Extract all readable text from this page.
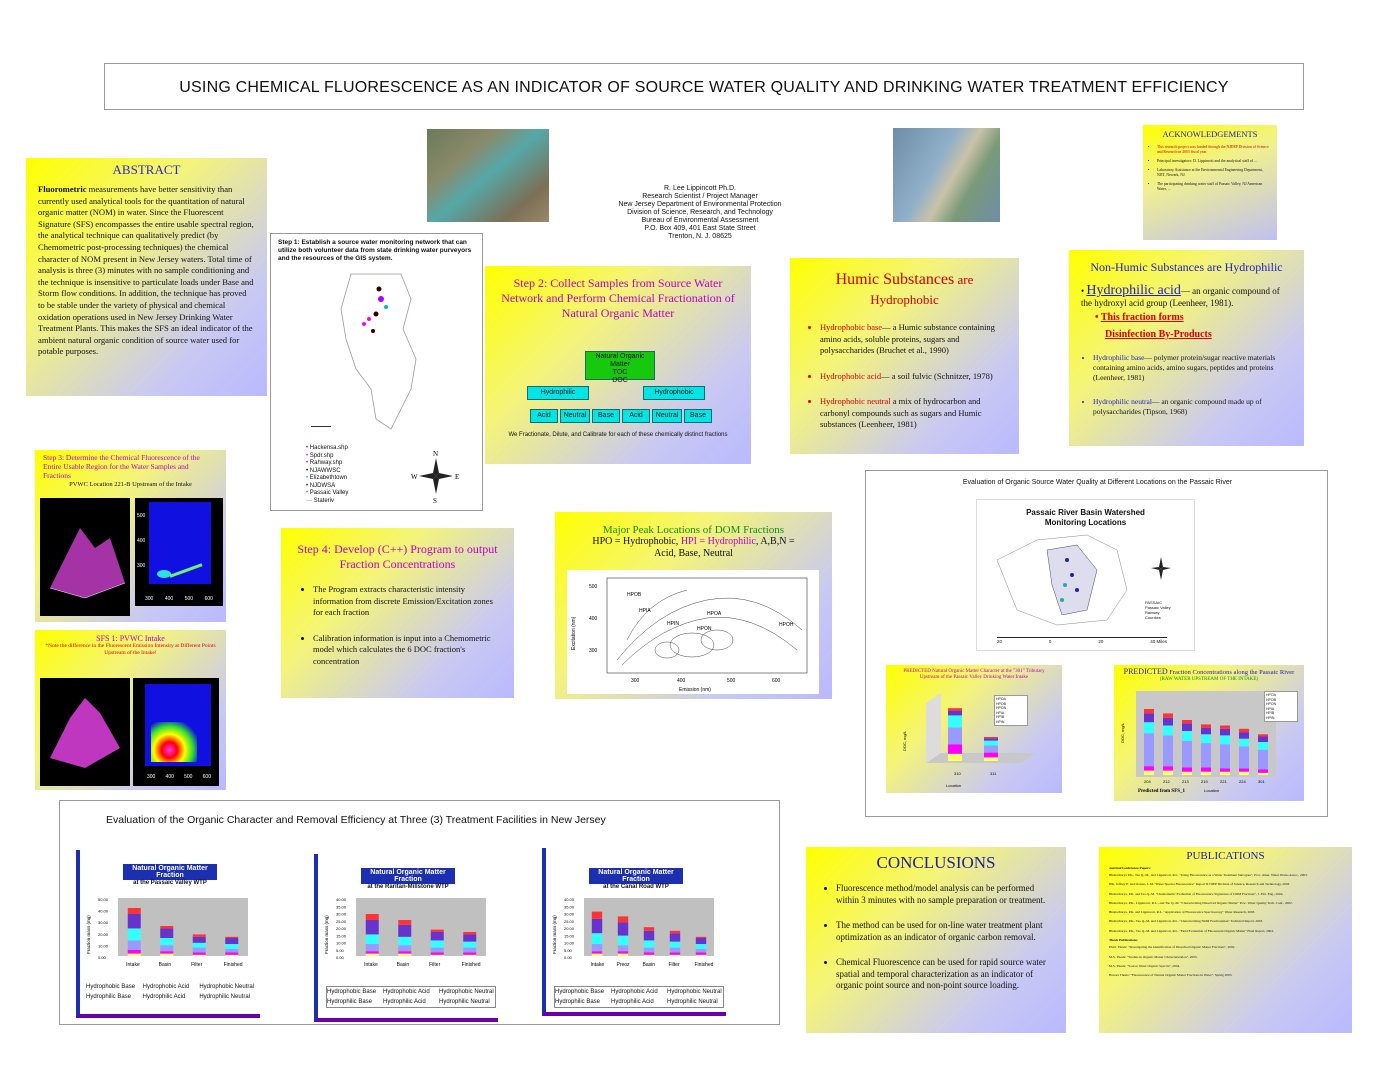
USING CHEMICAL FLUORESCENCE AS AN INDICATOR OF SOURCE WATER QUALITY AND DRINKING WATER TREATMENT EFFICIENCY
R. Lee Lippincott Ph.D.
Research Scientist / Project Manager
New Jersey Department of Environmental Protection
Division of Science, Research, and Technology
Bureau of Environmental Assessment
P.O. Box 409, 401 East State Street
Trenton, N. J. 08625
ABSTRACT
Fluorometric measurements have better sensitivity than currently used analytical tools for the quantitation of natural organic matter (NOM) in water. Since the Fluorescent Signature (SFS) encompasses the entire usable spectral region, the analytical technique can qualitatively predict (by Chemometric post-processing techniques) the chemical character of NOM present in New Jersey waters. Total time of analysis is three (3) minutes with no sample conditioning and the technique is insensitive to particulate loads under Base and Storm flow conditions. In addition, the technique has proved to be stable under the variety of physical and chemical oxidation operations used in New Jersey Drinking Water Treatment Plants. This makes the SFS an ideal indicator of the ambient natural organic condition of source water used for potable purposes.
Step 1: Establish a source water monitoring network that can utilize both volunteer data from state drinking water purveyors and the resources of the GIS system.
• Hackensa.shp
• Spdr.shp
• Rahway.shp
• NJAWWSC
• Elizabethtown
• NJDWSA
• Passaic Valley
— Stateriv
N
S
W	E
Step 2: Collect Samples from Source Water Network and Perform Chemical Fractionation of Natural Organic Matter
Natural Organic Matter
TOC
DOC
Hydrophilic	Hydrophobic
Acid	Neutral	Base	Acid	Neutral	Base
We Fractionate, Dilute, and Calibrate for each of these chemically distinct fractions
Humic Substances are
Hydrophobic
• Hydrophobic base— a Humic substance containing amino acids, soluble proteins, sugars and polysaccharides (Bruchet et al., 1990)
• Hydrophobic acid— a soil fulvic (Schnitzer, 1978)
• Hydrophobic neutral a mix of hydrocarbon and carbonyl compounds such as sugars and Humic substances (Leenheer, 1981)
Non-Humic Substances are Hydrophilic
• Hydrophilic acid— an organic compound of the hydroxyl acid group (Leenheer, 1981).
• This fraction forms
Disinfection By-Products
• Hydrophilic base— polymer protein/sugar reactive materials containing amino acids, amino sugars, peptides and proteins (Leenheer, 1981)
• Hydrophilic neutral— an organic compound made up of polysaccharides (Tipson, 1968)
ACKNOWLEDGEMENTS
• This research project was funded through the NJDEP Division of Science and Research in 2003 fiscal year.
• Principal investigators: D. Lippincott and the analytical staff of ...
• Laboratory Assistance at the Environmental Engineering Department, NJIT, Newark, NJ.
• The participating drinking water staff of Passaic Valley, NJ American Water, ...
Step 3: Determine the Chemical Fluorescence of the Entire Usable Region for the Water Samples and Fractions
PVWC Location 221-B Upstream of the Intake
500
400
300
300 400 500 600
SFS 1: PVWC Intake
*Note the difference in the Fluorescent Emission Intensity at Different Points Upstream of the Intake!
300 400 500 600
Step 4: Develop (C++) Program to output Fraction Concentrations
• The Program extracts characteristic intensity information from discrete Emission/Excitation zones for each fraction
• Calibration information is input into a Chemometric model which calculates the 6 DOC fraction's concentration
Major Peak Locations of DOM Fractions
HPO = Hydrophobic, HPI = Hydrophilic, A,B,N =
Acid, Base, Neutral
HPOB
HPIA	HPOA
HPIN
HPON
HPOH
500
400
300
300	400	500	600
Emission (nm)
Excitation (nm)
Evaluation of Organic Source Water Quality at Different Locations on the Passaic River
Passaic River Basin Watershed
Monitoring Locations
PASSAIC
Passaic Valley
Rahway
Counties
20	0	20	40 Miles
PREDICTED Natural Organic Matter Character at the "301" Tributary Upstream of the Passaic Valley Drinking Water Intake
DOC, mg/L
Location
310	311
HPOA
HPOB
HPON
HPIA
HPIB
HPIN
PREDICTED Fraction Concentrations along the Passaic River
(RAW WATER UPSTREAM OF THE INTAKE)
DOC, mg/L
Location
Predicted from SFS_1
204	212	213	219	221	224	301
HPOA
HPOB
HPON
HPIA
HPIB
HPIN
Evaluation of the Organic Character and Removal Efficiency at Three (3) Treatment Facilities in New Jersey
Natural Organic Matter Fraction
at the Passaic Valley WTP
Intake	Basin	Filter	Finished
50.00
40.00
30.00
20.00
10.00
0.00
Fraction mass (mg)
Hydrophobic Base	Hydrophobic Acid	Hydrophobic Neutral
Hydrophilic Base	Hydrophilic Acid	Hydrophilic Neutral
Natural Organic Matter Fraction
at the Raritan-Millstone WTP
Intake	Basin	Filter	Finished
40.00
35.00
30.00
25.00
20.00
15.00
10.00
5.00
0.00
Fraction mass (mg)
Hydrophobic Base	Hydrophobic Acid	Hydrophobic Neutral
Hydrophilic Base	Hydrophilic Acid	Hydrophilic Neutral
Natural Organic Matter Fraction
at the Canal Road WTP
Intake Preoz	Basin	Filter	Finished
40.00
35.00
30.00
25.00
20.00
15.00
10.00
5.00
0.00
Fraction mass (mg)
Hydrophobic Base	Hydrophobic Acid	Hydrophobic Neutral
Hydrophilic Base	Hydrophilic Acid	Hydrophilic Neutral
CONCLUSIONS
• Fluorescence method/model analysis can be performed within 3 minutes with no sample preparation or treatment.
• The method can be used for on-line water treatment plant optimization as an indicator of organic carbon removal.
• Chemical Fluorescence can be used for rapid source water spatial and temporal characterization as an indicator of organic point source and non-point source loading.
PUBLICATIONS
Journal/Conference Papers:
Bhattacharya P.K., Tao Q.-M., and Lippincott, R.L. "Using Fluorescence as a Water Treatment Surrogate", Proc. Amer. Water Works Assoc., 2003.
Hill, Jeffrey E. and Ocasio, L.M. "Water Spectra Fluorescence" Report NJ DEP Division of Science, Research and Technology, 2003.
Bhattacharya, P.K. and Tao Q.-M. "Chemometric Evaluation of Fluorescence Signatures of DOM Fractions", J. Env. Eng., 2004.
Bhattacharya, P.K., Lippincott, R.L., and Tao Q.-M. "Characterizing Dissolved Organic Matter" Proc. Water Quality Tech. Conf., 2002.
Bhattacharya, P.K. and Lippincott, R.L. "Application of Fluorescence Spectroscopy" Water Research, 2003.
Bhattacharya, P.K., Tao Q.-M. and Lippincott, R.L. "Characterizing NOM Fractionation" Technical Report, 2003.
Bhattacharya, P.K., Tao Q.-M. and Lippincott, R.L. "Field Evaluation of Fluorescent Organic Matter" Final Report, 2004.
Thesis Publications:
Ph.D. Thesis: "Investigating the Identification of Dissolved Organic Matter Fractions", 2002.
M.S. Thesis: "Studies in Organic Matter Characterization", 2003.
M.S. Thesis: "Source Water Organic Spectra", 2004.
Honors Thesis: "Fluorescence of Natural Organic Matter Fractions in Water", Spring 2003.
